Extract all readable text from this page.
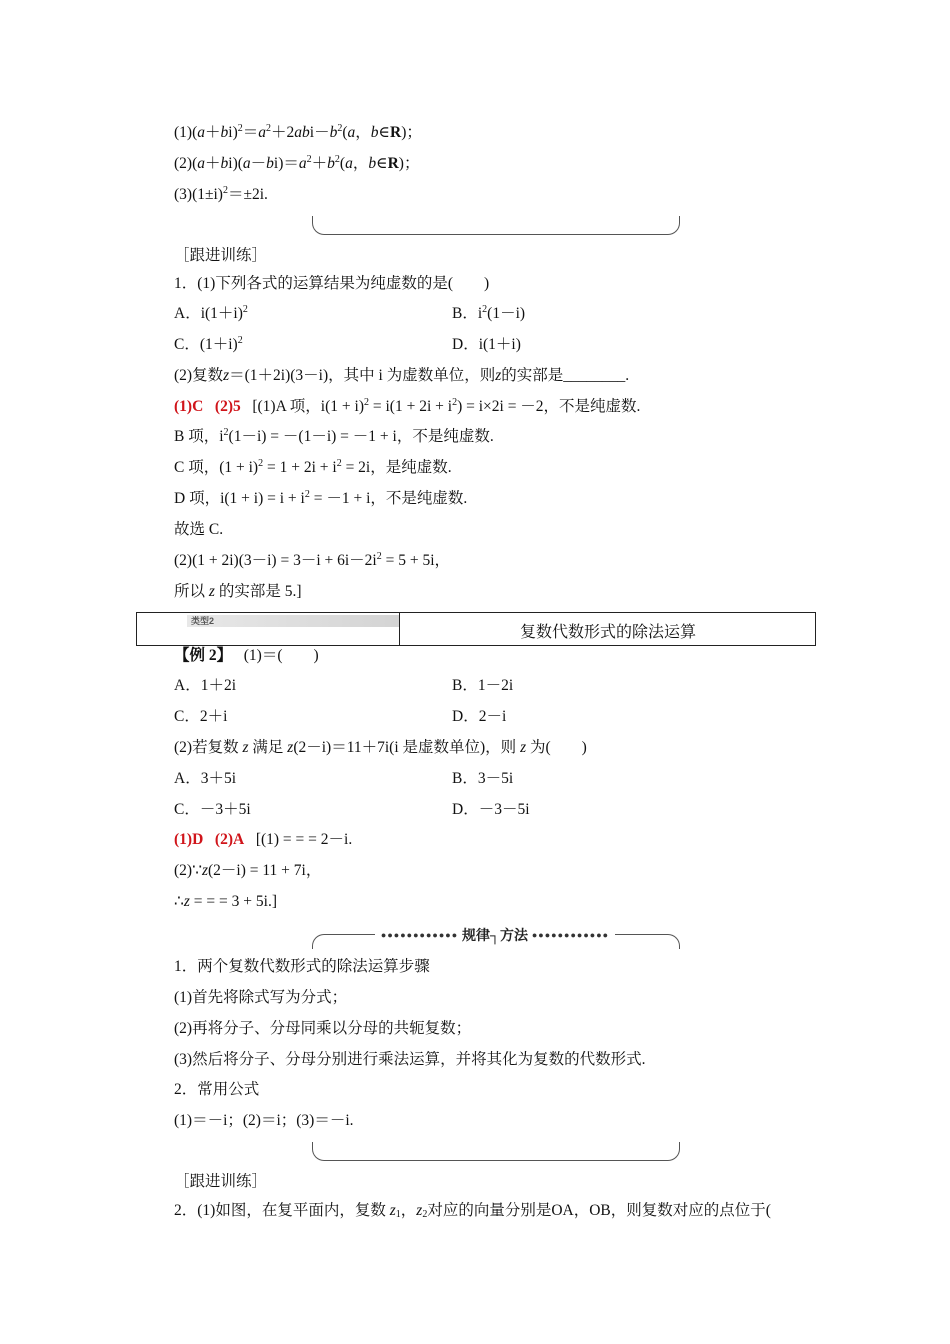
$(1)(a+bi)^2=a^2+2abi-b^2(a$，b∈R)；
$(2)(a+bi)(a-bi)=a^2+b^2(a$，b∈R)；
$(3)(1\pm i)^2=\pm 2i$.
［跟进训练］
1．(1)下列各式的运算结果为纯虚数的是(　　)
A．$i(1+i)^2$	B．$i^2(1-i)$
C．$(1+i)^2$	D．i(1＋i)
(2)复数z＝(1＋2i)(3－i)，其中 i 为虚数单位，则z的实部是________.
(1)C (2)5 [(1)A 项，$i(1 + i)^2 = i(1 + 2i + i^2) = i\times 2i = -2$，不是纯虚数.
B 项，$i^2(1-i) = -(1-i) = -1 + i$，不是纯虚数.
C 项，$(1 + i)^2 = 1 + 2i + i^2 = 2i$，是纯虚数.
D 项，$i(1 + i) = i + i^2 = -1 + i$，不是纯虚数.
故选 C.
$(2)(1 + 2i)(3-i) = 3-i + 6i-2i^2 = 5 + 5i$，
所以 z 的实部是 5.]
类型2
复数代数形式的除法运算
【例 2】 (1)＝(　　)
A．1＋2i	B．1－2i
C．2＋i	D．2－i
(2)若复数 z 满足 z(2－i)＝11＋7i(i 是虚数单位)，则 z 为(　　)
A．3＋5i	B．3－5i
C．－3＋5i	D．－3－5i
(1)D (2)A [(1) = = = 2－i.
(2)∵z(2－i) = 11 + 7i，
∴z = = = 3 + 5i.]
●●●●●●●●●●●● 规律┐方法 ●●●●●●●●●●●●
1．两个复数代数形式的除法运算步骤
(1)首先将除式写为分式；
(2)再将分子、分母同乘以分母的共轭复数；
(3)然后将分子、分母分别进行乘法运算，并将其化为复数的代数形式.
2．常用公式
(1)＝－i；(2)＝i；(3)＝－i.
［跟进训练］
2．(1)如图，在复平面内，复数 $z_1$，$z_2$对应的向量分别是OA，OB，则复数对应的点位于(
